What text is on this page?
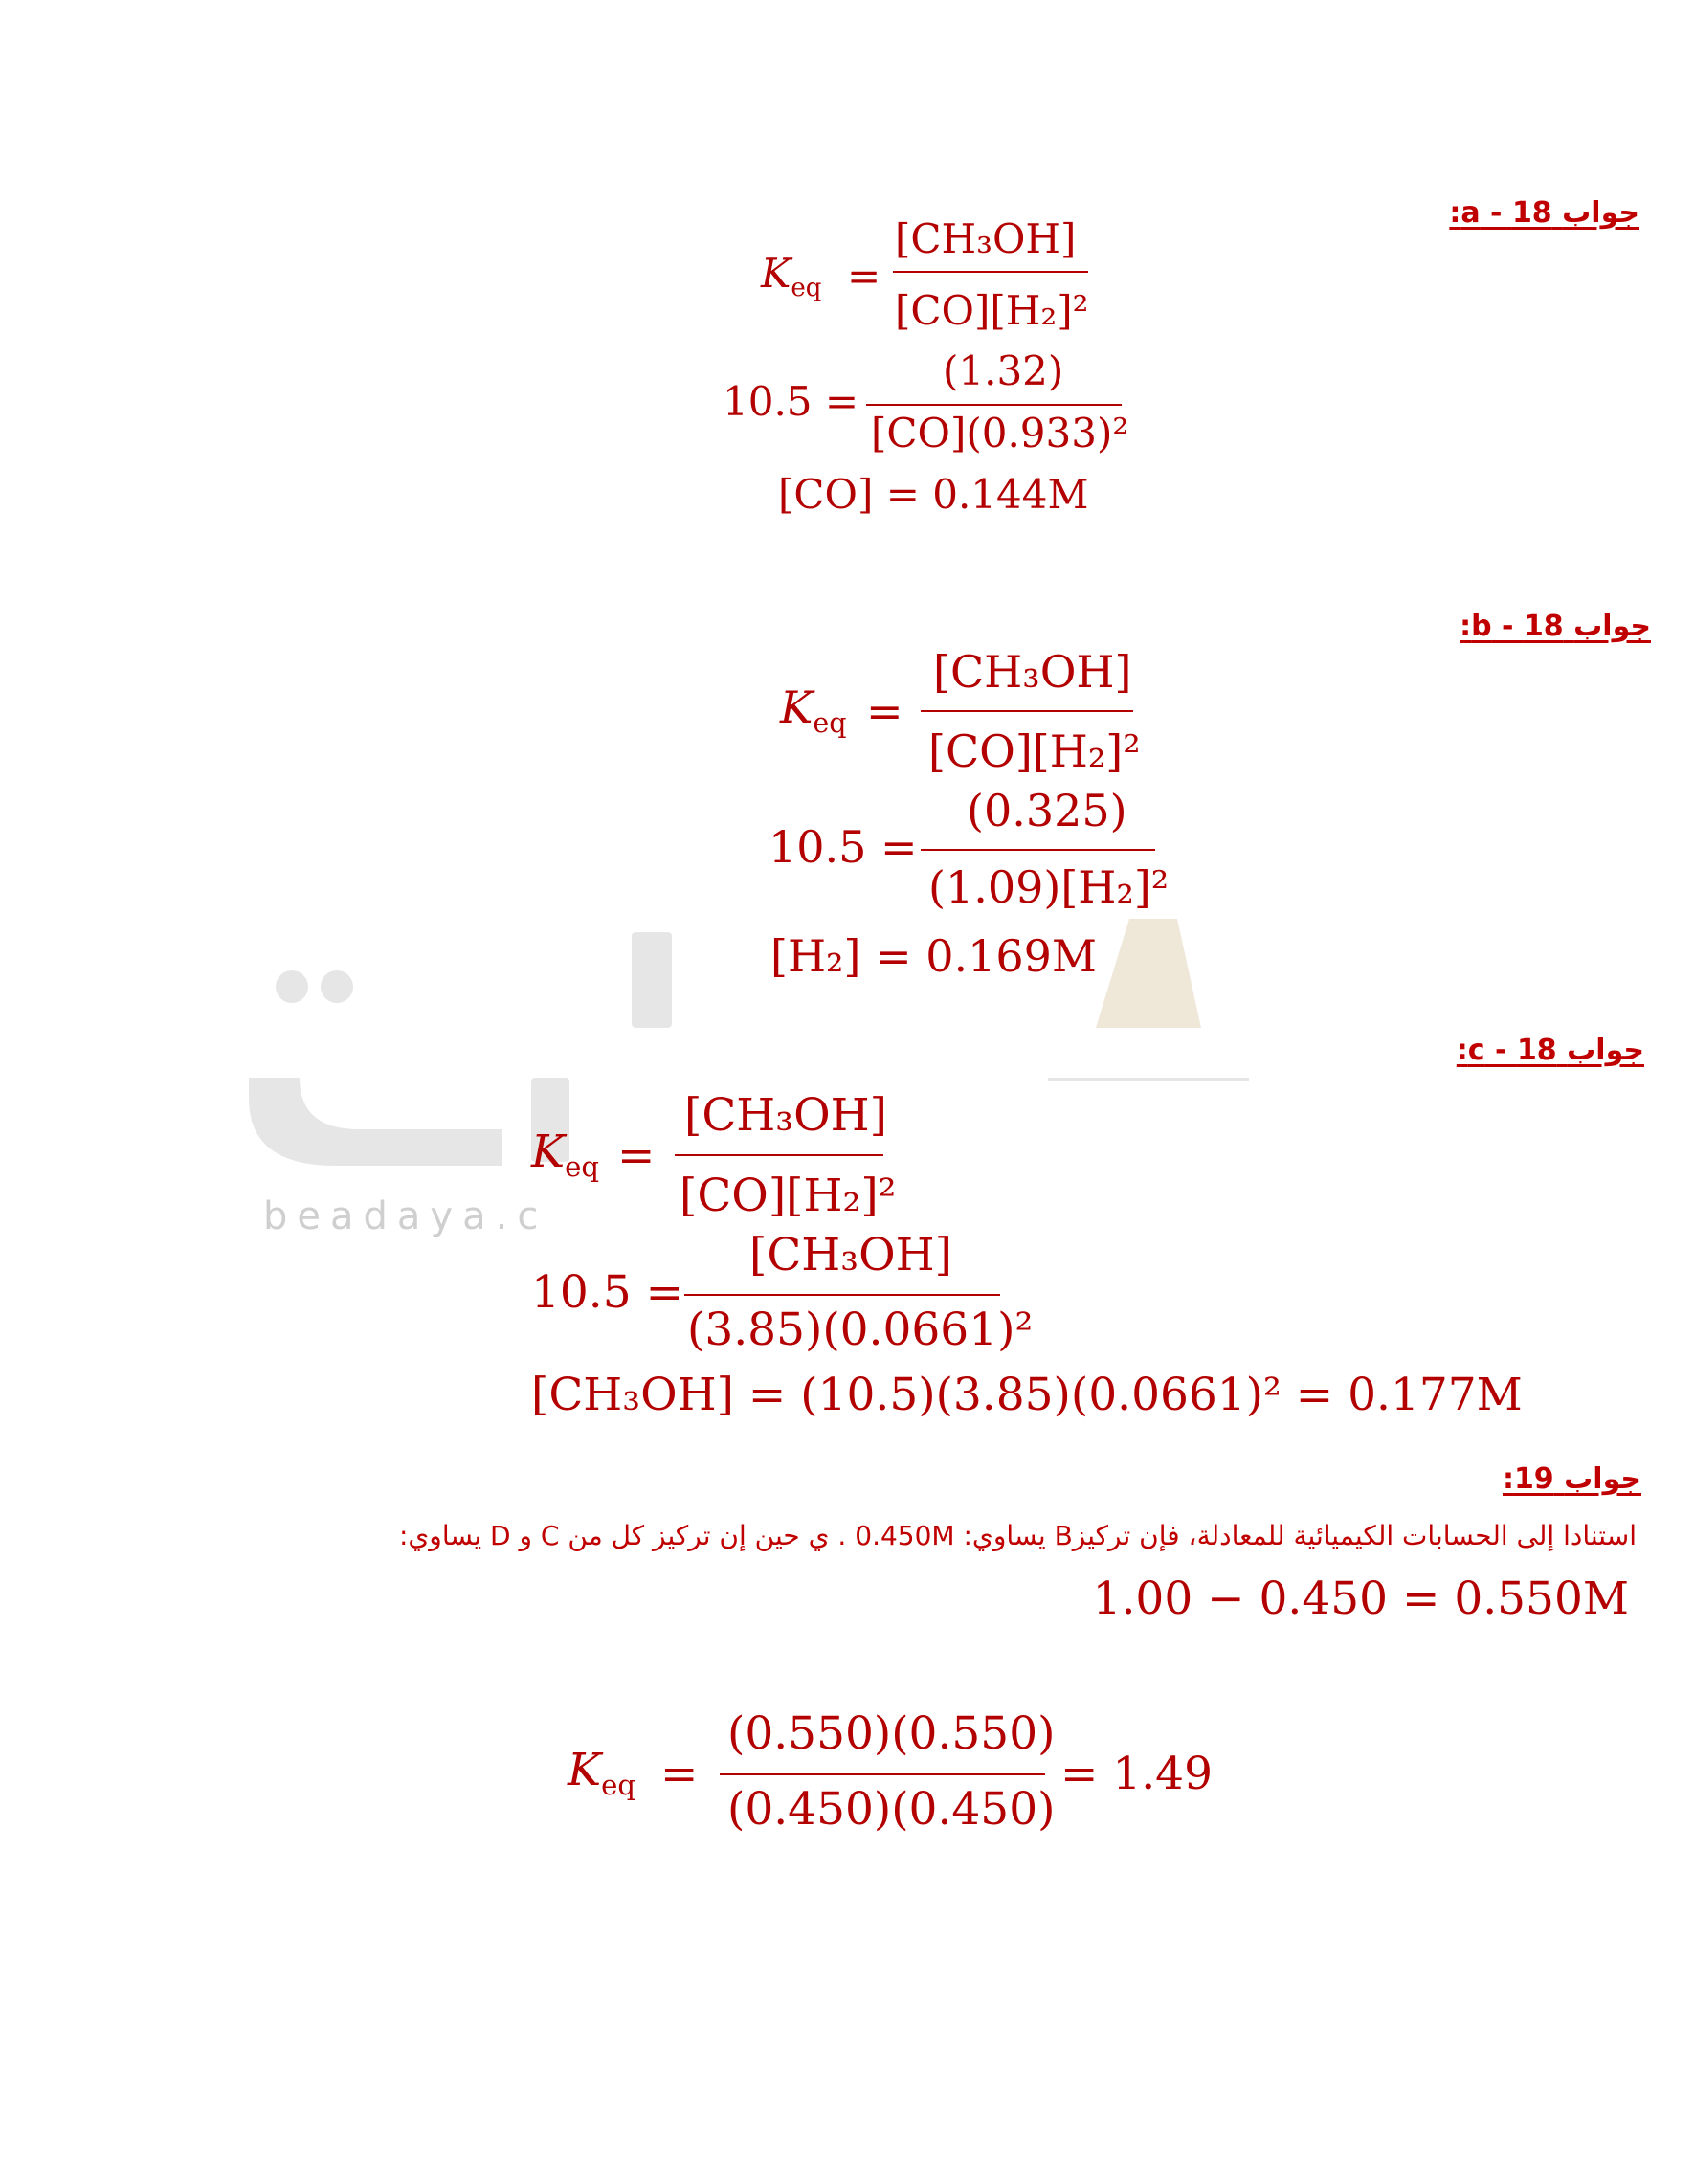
beadaya.c
جواب 18 - a:
$K_{eq}$ =
[CH₃OH]
[CO][H₂]²
10.5 =
(1.32)
[CO](0.933)²
[CO] = 0.144M
جواب 18 - b:
$K_{eq}$ =
[CH₃OH]
[CO][H₂]²
10.5 =
(0.325)
(1.09)[H₂]²
[H₂] = 0.169M
جواب 18 - c:
$K_{eq}$ =
[CH₃OH]
[CO][H₂]²
10.5 =
[CH₃OH]
(3.85)(0.0661)²
[CH₃OH] = (10.5)(3.85)(0.0661)² = 0.177M
جواب 19:
استنادا إلى الحسابات الكيميائية للمعادلة، فإن تركيزB يساوي: 0.450M . ي حين إن تركيز كل من C و D يساوي:
1.00 − 0.450 = 0.550M
$K_{eq}$ =
(0.550)(0.550)
(0.450)(0.450)
= 1.49
